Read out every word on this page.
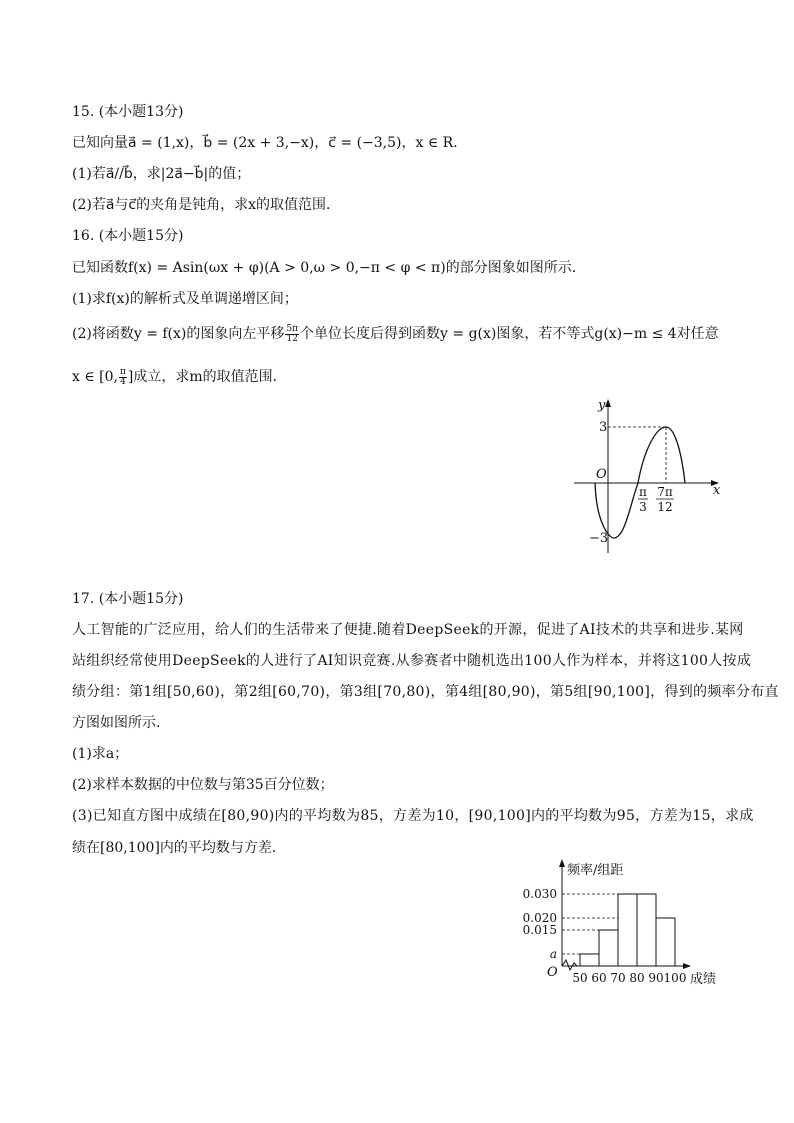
15. (本小题13分)
已知向量a⃗ = (1,x)，b⃗ = (2x + 3,−x)，c⃗ = (−3,5)，x ∈ R．
(1)若a⃗//b⃗，求|2a⃗−b⃗|的值；
(2)若a⃗与c⃗的夹角是钝角，求x的取值范围．
16. (本小题15分)
已知函数f(x) = Asin(ωx + φ)(A > 0,ω > 0,−π < φ < π)的部分图象如图所示．
(1)求f(x)的解析式及单调递增区间；
(2)将函数y = f(x)的图象向左平移 $\frac{5\pi}{12}$ 个单位长度后得到函数y = g(x)图象，若不等式g(x)−m ≤ 4对任意
x ∈ [0, $\frac{\pi}{4}$ ]成立，求m的取值范围．
y
x
O
3
−3
π
3
7π
12
17. (本小题15分)
人工智能的广泛应用，给人们的生活带来了便捷.随着DeepSeek的开源，促进了AI技术的共享和进步.某网
站组织经常使用DeepSeek的人进行了AI知识竞赛.从参赛者中随机选出100人作为样本，并将这100人按成
绩分组：第1组[50,60)，第2组[60,70)，第3组[70,80)，第4组[80,90)，第5组[90,100]，得到的频率分布直
方图如图所示．
(1)求a；
(2)求样本数据的中位数与第35百分位数；
(3)已知直方图中成绩在[80,90)内的平均数为85，方差为10，[90,100]内的平均数为95，方差为15，求成
绩在[80,100]内的平均数与方差．
频率/组距
成绩
O 50 60 70 80 90 100
0.030
0.020
0.015
a
